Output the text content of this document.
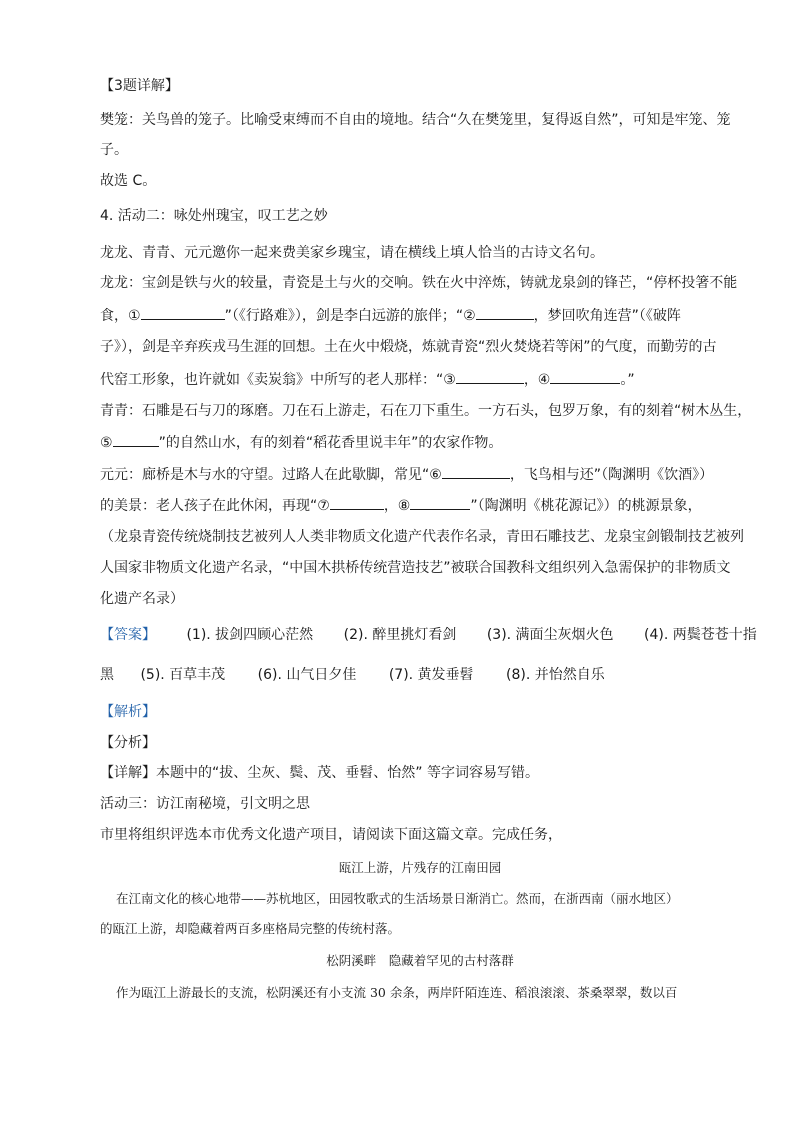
【3题详解】
樊笼：关鸟兽的笼子。比喻受束缚而不自由的境地。结合“久在樊笼里，复得返自然”，可知是牢笼、笼
子。
故选 C。
4. 活动二：咏处州瑰宝，叹工艺之妙
龙龙、青青、元元邀你一起来费美家乡瑰宝，请在横线上填人恰当的古诗文名句。
龙龙：宝剑是铁与火的较量，青瓷是土与火的交响。铁在火中淬炼，铸就龙泉剑的锋芒，“停杯投箸不能
食，①	”（《行路难》），剑是李白远游的旅伴；“②	，梦回吹角连营”（《破阵
子》），剑是辛弃疾戎马生涯的回想。土在火中煅烧，炼就青瓷“烈火焚烧若等闲”的气度，而勤劳的古
代窑工形象，也许就如《卖炭翁》中所写的老人那样：“③	，④	。”
青青：石雕是石与刀的琢磨。刀在石上游走，石在刀下重生。一方石头，包罗万象，有的刻着“树木丛生，
⑤	”的自然山水，有的刻着“稻花香里说丰年”的农家作物。
元元：廊桥是木与水的守望。过路人在此歇脚，常见“⑥	，飞鸟相与还”（陶渊明《饮酒》）
的美景：老人孩子在此休闲，再现“⑦	，⑧	”（陶渊明《桃花源记》）的桃源景象，
（龙泉青瓷传统烧制技艺被列人人类非物质文化遗产代表作名录，青田石雕技艺、龙泉宝剑锻制技艺被列
人国家非物质文化遗产名录，“中国木拱桥传统营造技艺”被联合国教科文组织列入急需保护的非物质文
化遗产名录）
【答案】 (1). 拔剑四顾心茫然 (2). 醉里挑灯看剑 (3). 满面尘灰烟火色 (4). 两鬓苍苍十指
黑 (5). 百草丰茂 (6). 山气日夕佳 (7). 黄发垂髫 (8). 并怡然自乐
【解析】
【分析】
【详解】本题中的“拔、尘灰、鬓、茂、垂髫、怡然” 等字词容易写错。
活动三：访江南秘境，引文明之思
市里将组织评选本市优秀文化遗产项目，请阅读下面这篇文章。完成任务，
瓯江上游，片残存的江南田园
在江南文化的核心地带——苏杭地区，田园牧歌式的生活场景日渐消亡。然而，在浙西南（丽水地区）
的瓯江上游，却隐藏着两百多座格局完整的传统村落。
松阴溪畔　隐藏着罕见的古村落群
作为瓯江上游最长的支流，松阴溪还有小支流 30 余条，两岸阡陌连连、稻浪滚滚、茶桑翠翠，数以百
